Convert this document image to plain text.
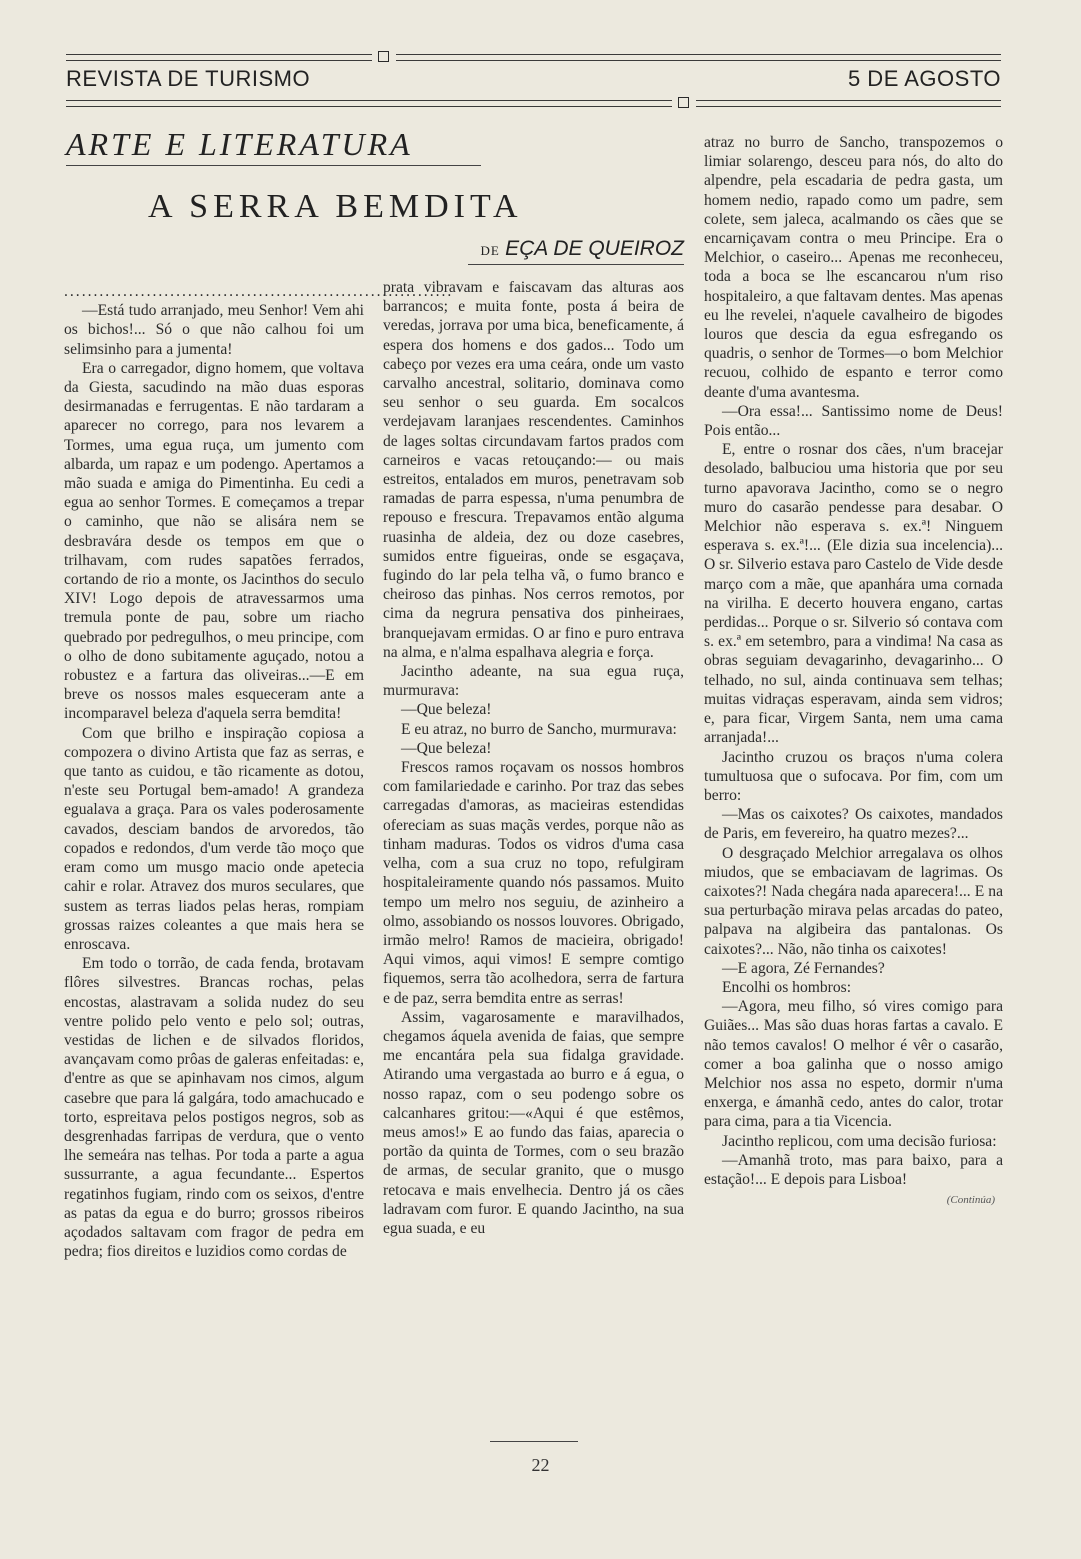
REVISTA DE TURISMO	5 DE AGOSTO
ARTE E LITERATURA
A SERRA BEMDITA
DE EÇA DE QUEIROZ

..................................................................

—Está tudo arranjado, meu Senhor! Vem ahi os bichos!... Só o que não calhou foi um selimsinho para a jumenta!

Era o carregador, digno homem, que voltava da Giesta, sacudindo na mão duas esporas desirmanadas e ferrugentas. E não tardaram a aparecer no corrego, para nos levarem a Tormes, uma egua ruça, um jumento com albarda, um rapaz e um podengo. Apertamos a mão suada e amiga do Pimentinha. Eu cedi a egua ao senhor Tormes. E começamos a trepar o caminho, que não se alisára nem se desbravára desde os tempos em que o trilhavam, com rudes sapatões ferrados, cortando de rio a monte, os Jacinthos do seculo XIV! Logo depois de atravessarmos uma tremula ponte de pau, sobre um riacho quebrado por pedregulhos, o meu principe, com o olho de dono subitamente aguçado, notou a robustez e a fartura das oliveiras...—E em breve os nossos males esqueceram ante a incomparavel beleza d'aquela serra bemdita!

Com que brilho e inspiração copiosa a compozera o divino Artista que faz as serras, e que tanto as cuidou, e tão ricamente as dotou, n'este seu Portugal bem-amado! A grandeza egualava a graça. Para os vales poderosamente cavados, desciam bandos de arvoredos, tão copados e redondos, d'um verde tão moço que eram como um musgo macio onde apetecia cahir e rolar. Atravez dos muros seculares, que sustem as terras liados pelas heras, rompiam grossas raizes coleantes a que mais hera se enroscava.

Em todo o torrão, de cada fenda, brotavam flôres silvestres. Brancas rochas, pelas encostas, alastravam a solida nudez do seu ventre polido pelo vento e pelo sol; outras, vestidas de lichen e de silvados floridos, avançavam como prôas de galeras enfeitadas: e, d'entre as que se apinhavam nos cimos, algum casebre que para lá galgára, todo amachucado e torto, espreitava pelos postigos negros, sob as desgrenhadas farripas de verdura, que o vento lhe semeára nas telhas. Por toda a parte a agua sussurrante, a agua fecundante... Espertos regatinhos fugiam, rindo com os seixos, d'entre as patas da egua e do burro; grossos ribeiros açodados saltavam com fragor de pedra em pedra; fios direitos e luzidios como cordas de

prata vibravam e faiscavam das alturas aos barrancos; e muita fonte, posta á beira de veredas, jorrava por uma bica, beneficamente, á espera dos homens e dos gados... Todo um cabeço por vezes era uma ceára, onde um vasto carvalho ancestral, solitario, dominava como seu senhor o seu guarda. Em socalcos verdejavam laranjaes rescendentes. Caminhos de lages soltas circundavam fartos prados com carneiros e vacas retouçando:— ou mais estreitos, entalados em muros, penetravam sob ramadas de parra espessa, n'uma penumbra de repouso e frescura. Trepavamos então alguma ruasinha de aldeia, dez ou doze casebres, sumidos entre figueiras, onde se esgaçava, fugindo do lar pela telha vã, o fumo branco e cheiroso das pinhas. Nos cerros remotos, por cima da negrura pensativa dos pinheiraes, branquejavam ermidas. O ar fino e puro entrava na alma, e n'alma espalhava alegria e força.

Jacintho adeante, na sua egua ruça, murmurava:

—Que beleza!

E eu atraz, no burro de Sancho, murmurava:

—Que beleza!

Frescos ramos roçavam os nossos hombros com familariedade e carinho. Por traz das sebes carregadas d'amoras, as macieiras estendidas ofereciam as suas maçãs verdes, porque não as tinham maduras. Todos os vidros d'uma casa velha, com a sua cruz no topo, refulgiram hospitaleiramente quando nós passamos. Muito tempo um melro nos seguiu, de azinheiro a olmo, assobiando os nossos louvores. Obrigado, irmão melro! Ramos de macieira, obrigado! Aqui vimos, aqui vimos! E sempre comtigo fiquemos, serra tão acolhedora, serra de fartura e de paz, serra bemdita entre as serras!

Assim, vagarosamente e maravilhados, chegamos áquela avenida de faias, que sempre me encantára pela sua fidalga gravidade. Atirando uma vergastada ao burro e á egua, o nosso rapaz, com o seu podengo sobre os calcanhares gritou:—«Aqui é que estêmos, meus amos!» E ao fundo das faias, aparecia o portão da quinta de Tormes, com o seu brazão de armas, de secular granito, que o musgo retocava e mais envelhecia. Dentro já os cães ladravam com furor. E quando Jacintho, na sua egua suada, e eu

atraz no burro de Sancho, transpozemos o limiar solarengo, desceu para nós, do alto do alpendre, pela escadaria de pedra gasta, um homem nedio, rapado como um padre, sem colete, sem jaleca, acalmando os cães que se encarniçavam contra o meu Principe. Era o Melchior, o caseiro... Apenas me reconheceu, toda a boca se lhe escancarou n'um riso hospitaleiro, a que faltavam dentes. Mas apenas eu lhe revelei, n'aquele cavalheiro de bigodes louros que descia da egua esfregando os quadris, o senhor de Tormes—o bom Melchior recuou, colhido de espanto e terror como deante d'uma avantesma.

—Ora essa!... Santissimo nome de Deus! Pois então...

E, entre o rosnar dos cães, n'um bracejar desolado, balbuciou uma historia que por seu turno apavorava Jacintho, como se o negro muro do casarão pendesse para desabar. O Melchior não esperava s. ex.ª! Ninguem esperava s. ex.ª!... (Ele dizia sua incelencia)... O sr. Silverio estava paro Castelo de Vide desde março com a mãe, que apanhára uma cornada na virilha. E decerto houvera engano, cartas perdidas... Porque o sr. Silverio só contava com s. ex.ª em setembro, para a vindima! Na casa as obras seguiam devagarinho, devagarinho... O telhado, no sul, ainda continuava sem telhas; muitas vidraças esperavam, ainda sem vidros; e, para ficar, Virgem Santa, nem uma cama arranjada!...

Jacintho cruzou os braços n'uma colera tumultuosa que o sufocava. Por fim, com um berro:

—Mas os caixotes? Os caixotes, mandados de Paris, em fevereiro, ha quatro mezes?...

O desgraçado Melchior arregalava os olhos miudos, que se embaciavam de lagrimas. Os caixotes?! Nada chegára nada aparecera!... E na sua perturbação mirava pelas arcadas do pateo, palpava na algibeira das pantalonas. Os caixotes?... Não, não tinha os caixotes!

—E agora, Zé Fernandes?

Encolhi os hombros:

—Agora, meu filho, só vires comigo para Guiães... Mas são duas horas fartas a cavalo. E não temos cavalos! O melhor é vêr o casarão, comer a boa galinha que o nosso amigo Melchior nos assa no espeto, dormir n'uma enxerga, e ámanhã cedo, antes do calor, trotar para cima, para a tia Vicencia.

Jacintho replicou, com uma decisão furiosa:

—Amanhã troto, mas para baixo, para a estação!... E depois para Lisboa!

(Continúa)
22
